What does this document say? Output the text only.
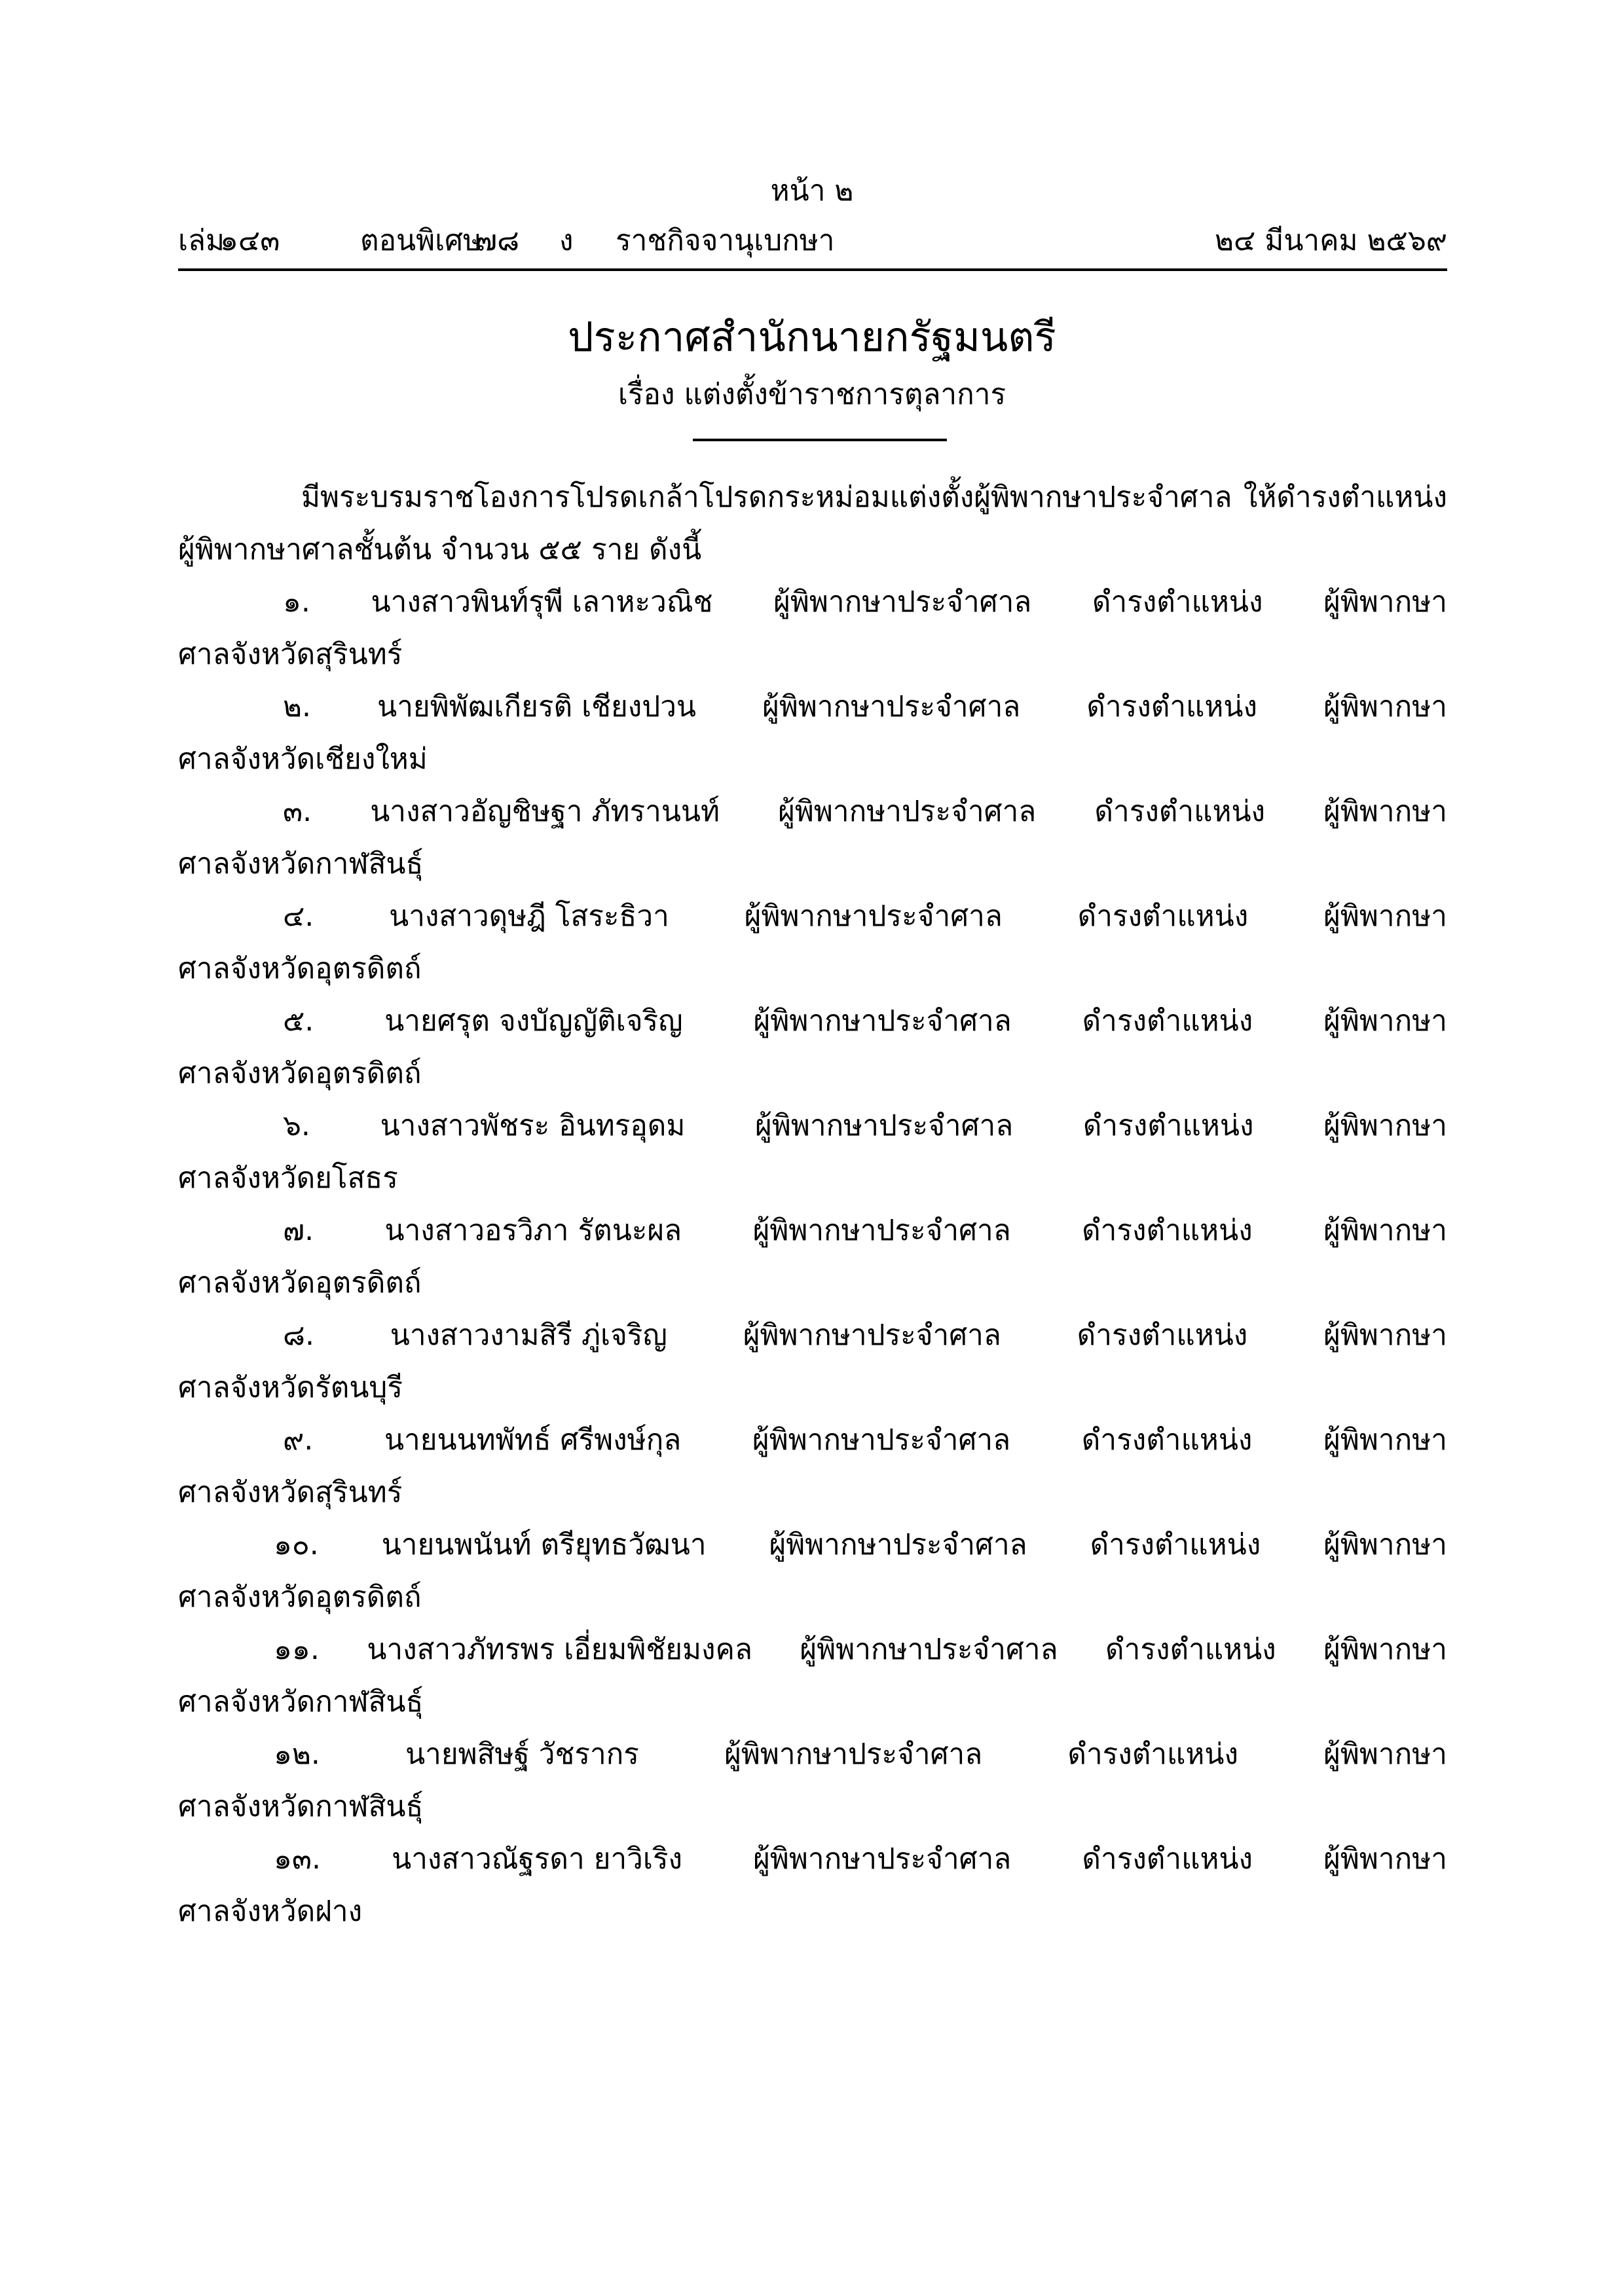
หน้า ๒
เล่ม
๑๔๓	ตอนพิเศษ
๗๘ ง ราชกิจจานุเบกษา	๒๔ มีนาคม ๒๕๖๙
ประกาศสำนักนายกรัฐมนตรี
เรื่อง แต่งตั้งข้าราชการตุลาการ

มีพระบรมราชโองการโปรดเกล้าโปรดกระหม่อมแต่งตั้งผู้พิพากษาประจำศาล ให้ดำรงตำแหน่ง
ผู้พิพากษาศาลชั้นต้น จำนวน ๕๕ ราย ดังนี้

๑. นางสาวพินท์รุพี เลาหะวณิช ผู้พิพากษาประจำศาล ดำรงตำแหน่ง ผู้พิพากษา
ศาลจังหวัดสุรินทร์
๒. นายพิพัฒเกียรติ เชียงปวน ผู้พิพากษาประจำศาล ดำรงตำแหน่ง ผู้พิพากษา
ศาลจังหวัดเชียงใหม่
๓. นางสาวอัญชิษฐา ภัทรานนท์ ผู้พิพากษาประจำศาล ดำรงตำแหน่ง ผู้พิพากษา
ศาลจังหวัดกาฬสินธุ์
๔.	นางสาวดุษฎี โสระธิวา	ผู้พิพากษาประจำศาล	ดำรงตำแหน่ง	ผู้พิพากษา
ศาลจังหวัดอุตรดิตถ์
๕. นายศรุต จงบัญญัติเจริญ ผู้พิพากษาประจำศาล ดำรงตำแหน่ง ผู้พิพากษา
ศาลจังหวัดอุตรดิตถ์
๖. นางสาวพัชระ อินทรอุดม ผู้พิพากษาประจำศาล ดำรงตำแหน่ง ผู้พิพากษา
ศาลจังหวัดยโสธร
๗. นางสาวอรวิภา รัตนะผล ผู้พิพากษาประจำศาล ดำรงตำแหน่ง ผู้พิพากษา
ศาลจังหวัดอุตรดิตถ์
๘.	นางสาวงามสิรี ภู่เจริญ	ผู้พิพากษาประจำศาล	ดำรงตำแหน่ง	ผู้พิพากษา
ศาลจังหวัดรัตนบุรี
๙. นายนนทพัทธ์ ศรีพงษ์กุล ผู้พิพากษาประจำศาล ดำรงตำแหน่ง ผู้พิพากษา
ศาลจังหวัดสุรินทร์
๑๐. นายนพนันท์ ตรียุทธวัฒนา ผู้พิพากษาประจำศาล ดำรงตำแหน่ง ผู้พิพากษา
ศาลจังหวัดอุตรดิตถ์
๑๑. นางสาวภัทรพร เอี่ยมพิชัยมงคล ผู้พิพากษาประจำศาล ดำรงตำแหน่ง ผู้พิพากษา
ศาลจังหวัดกาฬสินธุ์
๑๒.	นายพสิษฐ์ วัชรากร	ผู้พิพากษาประจำศาล	ดำรงตำแหน่ง	ผู้พิพากษา
ศาลจังหวัดกาฬสินธุ์
๑๓. นางสาวณัฐรดา ยาวิเริง ผู้พิพากษาประจำศาล ดำรงตำแหน่ง ผู้พิพากษา
ศาลจังหวัดฝาง
